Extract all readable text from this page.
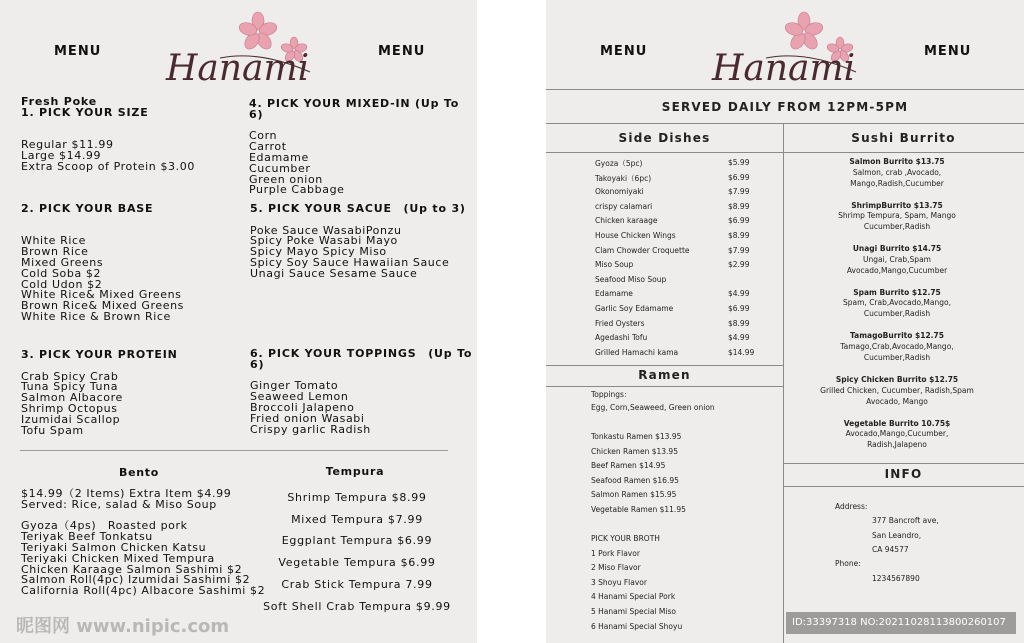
MENU	MENU
Hanami
Fresh Poke
1. PICK YOUR SIZE
Regular $11.99
Large $14.99
Extra Scoop of Protein $3.00
2. PICK YOUR BASE
White Rice
Brown Rice
Mixed Greens
Cold Soba $2
Cold Udon $2
White Rice& Mixed Greens
Brown Rice& Mixed Greens
White Rice & Brown Rice
3. PICK YOUR PROTEIN
Crab Spicy Crab
Tuna Spicy Tuna
Salmon Albacore
Shrimp Octopus
Izumidai Scallop
Tofu Spam
4. PICK YOUR MIXED-IN (Up To 6)
Corn
Carrot
Edamame
Cucumber
Green onion
Purple Cabbage
5. PICK YOUR SACUE　(Up to 3)
Poke Sauce WasabiPonzu
Spicy Poke Wasabi Mayo
Spicy Mayo Spicy Miso
Spicy Soy Sauce Hawaiian Sauce
Unagi Sauce Sesame Sauce
6. PICK YOUR TOPPINGS　(Up To 6)
Ginger Tomato
Seaweed Lemon
Broccoli Jalapeno
Fried onion Wasabi
Crispy garlic Radish
Bento
$14.99（2 Items) Extra Item $4.99
Served: Rice, salad & Miso Soup
Gyoza（4ps)　Roasted pork
Teriyak Beef Tonkatsu
Teriyaki Salmon Chicken Katsu
Teriyaki Chicken Mixed Tempura
Chicken Karaage Salmon Sashimi $2
Salmon Roll(4pc) Izumidai Sashimi $2
California Roll(4pc) Albacore Sashimi $2
Tempura
Shrimp Tempura $8.99
Mixed Tempura $7.99
Eggplant Tempura $6.99
Vegetable Tempura $6.99
Crab Stick Tempura 7.99
Soft Shell Crab Tempura $9.99
昵图网 www.nipic.com
MENU	MENU
Hanami
SERVED DAILY FROM 12PM-5PM
Side Dishes	Sushi Burrito
Gyoza（5pc)	$5.99
Takoyaki（6pc)	$6.99
Okonomiyaki	$7.99
crispy calamari	$8.99
Chicken karaage	$6.99
House Chicken Wings	$8.99
Clam Chowder Croquette	$7.99
Miso Soup	$2.99
Seafood Miso Soup
Edamame	$4.99
Garlic Soy Edamame	$6.99
Fried Oysters	$8.99
Agedashi Tofu	$4.99
Grilled Hamachi kama	$14.99
Ramen
Toppings：
Egg, Corn,Seaweed, Green onion
Tonkastu Ramen $13.95
Chicken Ramen $13.95
Beef Ramen $14.95
Seafood Ramen $16.95
Salmon Ramen $15.95
Vegetable Ramen $11.95
PICK YOUR BROTH
1 Pork Flavor
2 Miso Flavor
3 Shoyu Flavor
4 Hanami Special Pork
5 Hanami Special Miso
6 Hanami Special Shoyu
Salmon Burrito $13.75
Salmon, crab ,Avocado,
Mango,Radish,Cucumber
ShrimpBurrito $13.75
Shrimp Tempura, Spam, Mango
Cucumber,Radish
Unagi Burrito $14.75
Ungai, Crab,Spam
Avocado,Mango,Cucumber
Spam Burrito $12.75
Spam, Crab,Avocado,Mango,
Cucumber,Radish
TamagoBurrito $12.75
Tamago,Crab,Avocado,Mango,
Cucumber,Radish
Spicy Chicken Burrito $12.75
Grilled Chicken, Cucumber, Radish,Spam
Avocado, Mango
Vegetable Burrito 10.75$
Avocado,Mango,Cucumber,
Radish,Jalapeno
INFO
Address:
377 Bancroft ave,
San Leandro,
CA 94577
Phone:
1234567890
ID:33397318 NO:20211028113800260107
